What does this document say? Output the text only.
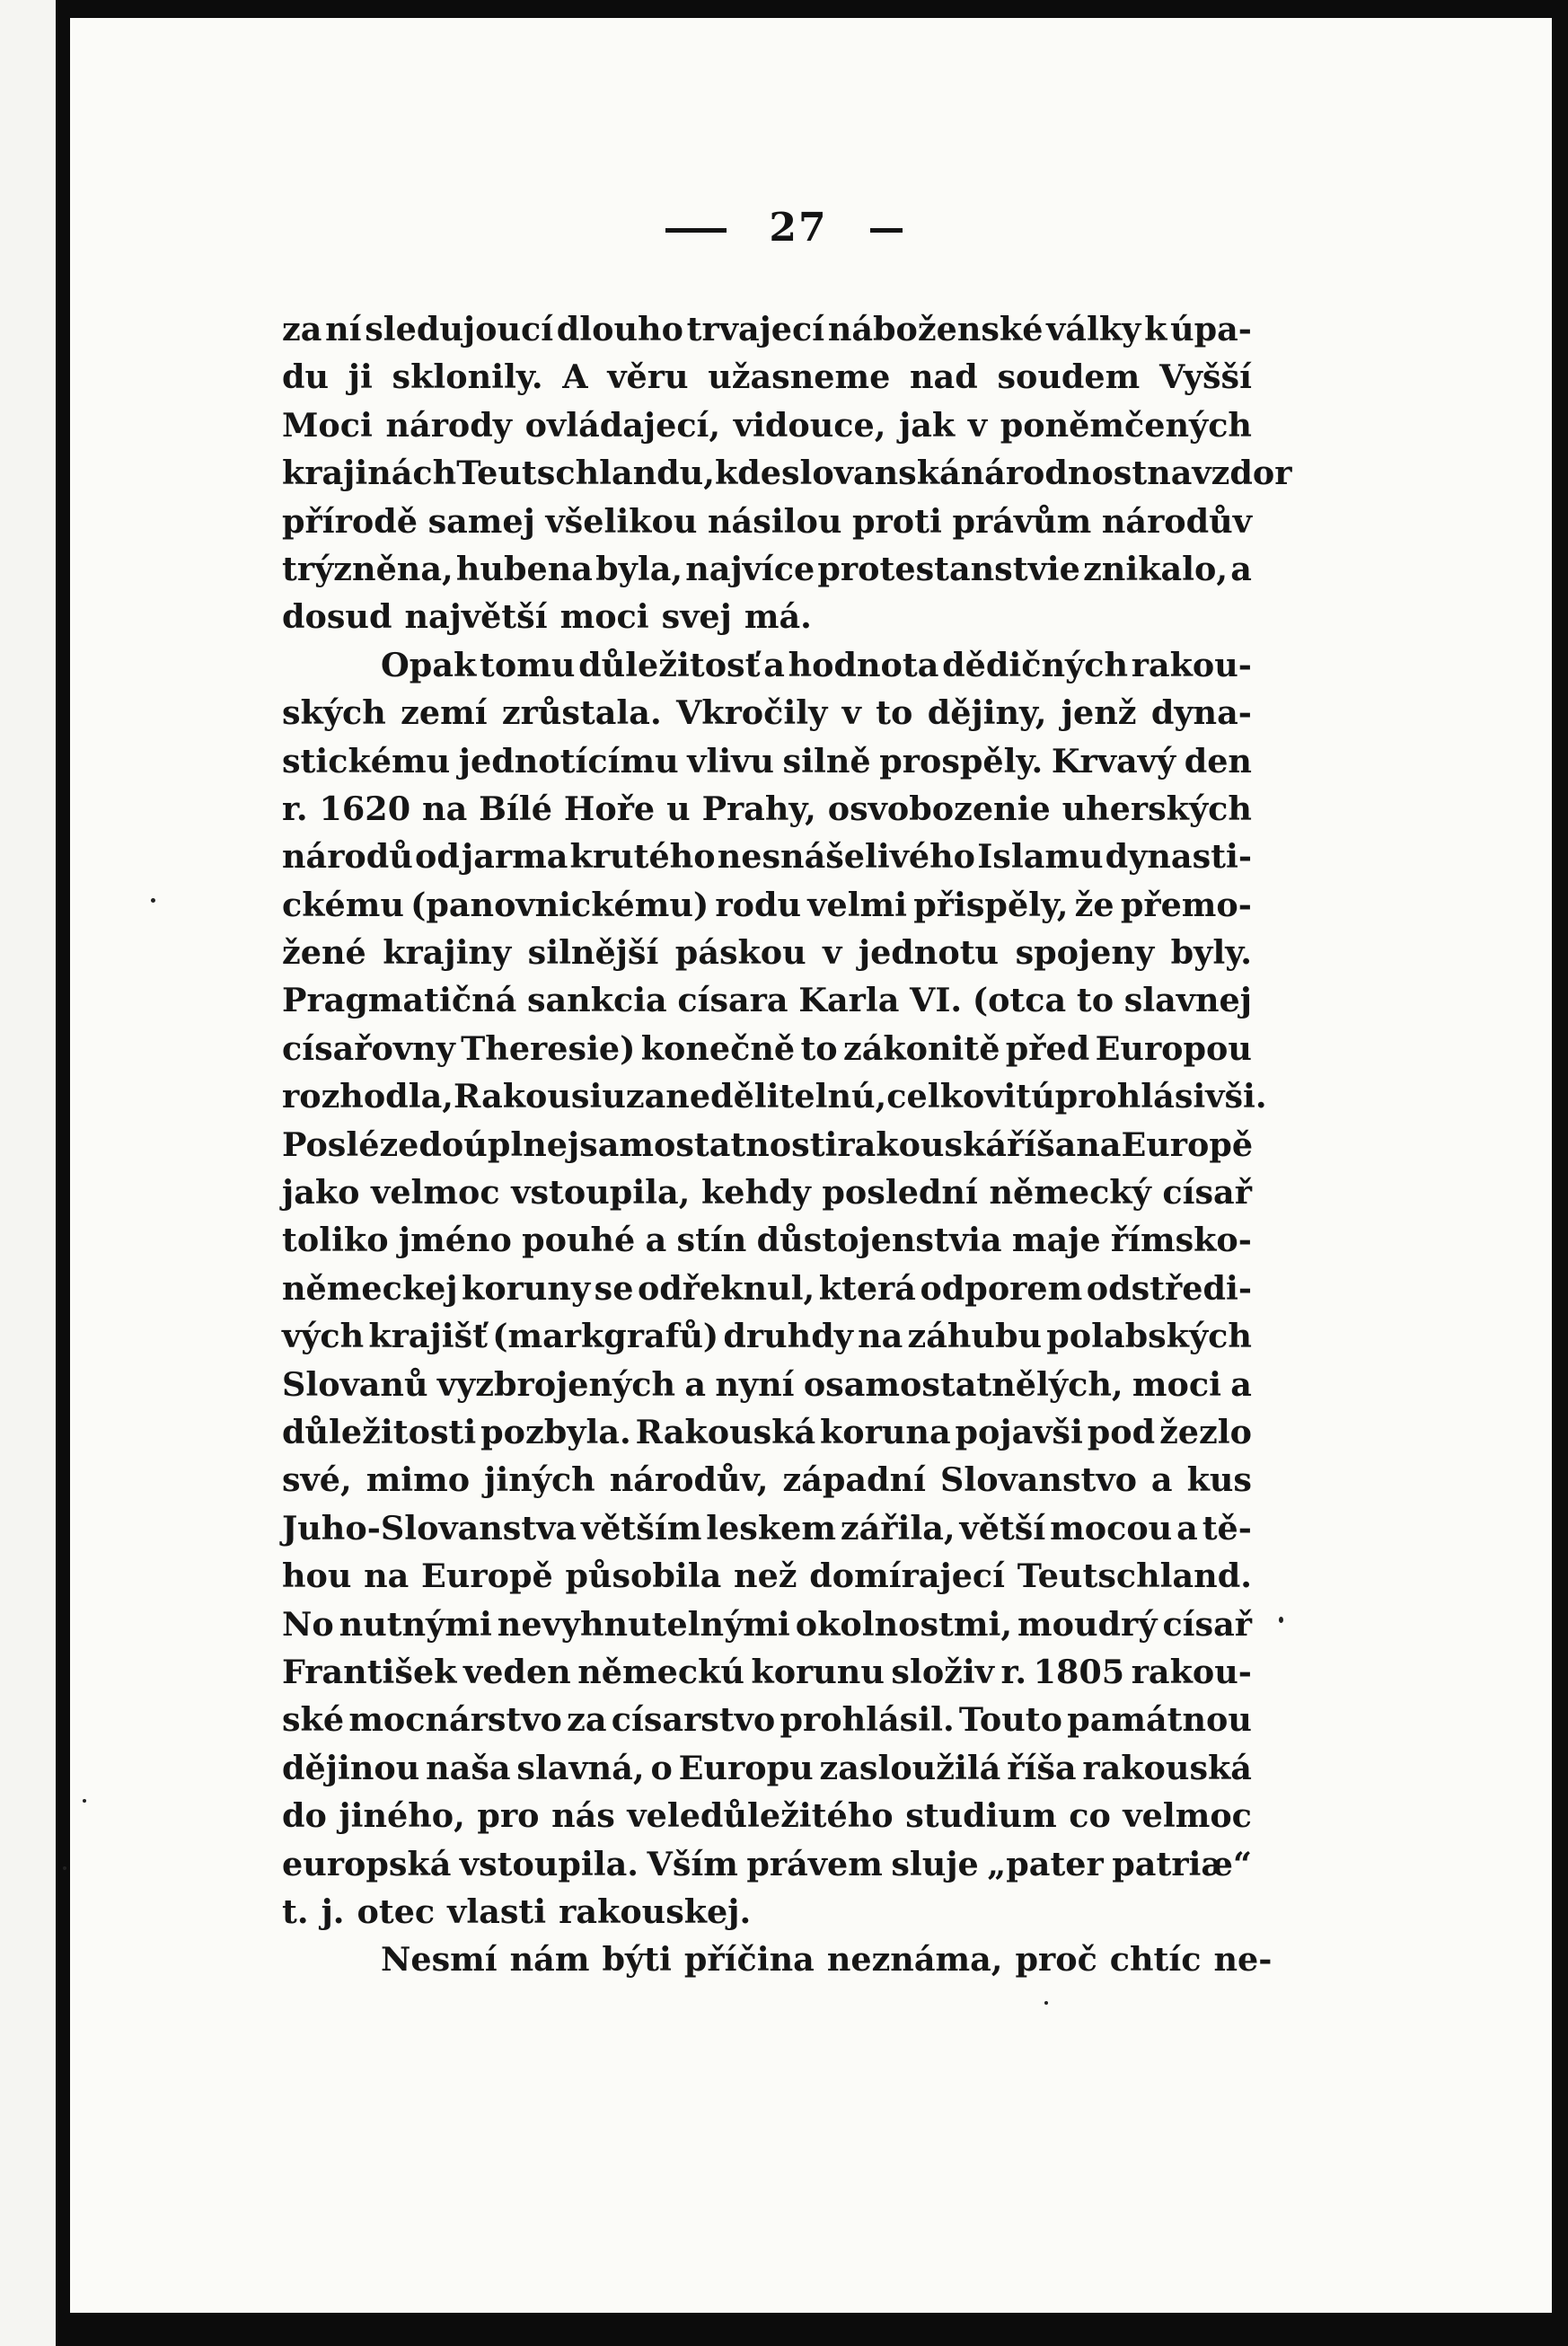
27
za ní sledujoucí dlouho trvajecí náboženské války k úpa-
du ji sklonily. A věru užasneme nad soudem Vyšší
Moci národy ovládajecí, vidouce, jak v poněmčených
krajinách Teutschlandu, kde slovanská národnost navzdor
přírodě samej všelikou násilou proti právům národův
trýzněna, hubena byla, najvíce protestanstvie znikalo, a
dosud najvětší moci svej má.
Opak tomu důležitosť a hodnota dědičných rakou-
ských zemí zrůstala. Vkročily v to dějiny, jenž dyna-
stickému jednotícímu vlivu silně prospěly. Krvavý den
r. 1620 na Bílé Hoře u Prahy, osvobozenie uherských
národů od jarma krutého nesnášelivého Islamu dynasti-
ckému (panovnickému) rodu velmi přispěly, že přemo-
žené krajiny silnější páskou v jednotu spojeny byly.
Pragmatičná sankcia císara Karla VI. (otca to slavnej
císařovny Theresie) konečně to zákonitě před Europou
rozhodla, Rakousiu za nedělitelnú, celkovitú prohlásivši.
Posléze do úplnej samostatnosti rakouská říša na Europě
jako velmoc vstoupila, kehdy poslední německý císař
toliko jméno pouhé a stín důstojenstvia maje římsko-
německej koruny se odřeknul, která odporem odstředi-
vých krajišť (markgrafů) druhdy na záhubu polabských
Slovanů vyzbrojených a nyní osamostatnělých, moci a
důležitosti pozbyla. Rakouská koruna pojavši pod žezlo
své, mimo jiných národův, západní Slovanstvo a kus
Juho-Slovanstva větším leskem zářila, větší mocou a tě-
hou na Europě působila než domírajecí Teutschland.
No nutnými nevyhnutelnými okolnostmi, moudrý císař
František veden německú korunu složiv r. 1805 rakou-
ské mocnárstvo za císarstvo prohlásil. Touto památnou
dějinou naša slavná, o Europu zasloužilá říša rakouská
do jiného, pro nás veledůležitého studium co velmoc
europská vstoupila. Vším právem sluje „pater patriæ“
t. j. otec vlasti rakouskej.
Nesmí nám býti příčina neznáma, proč chtíc ne-
